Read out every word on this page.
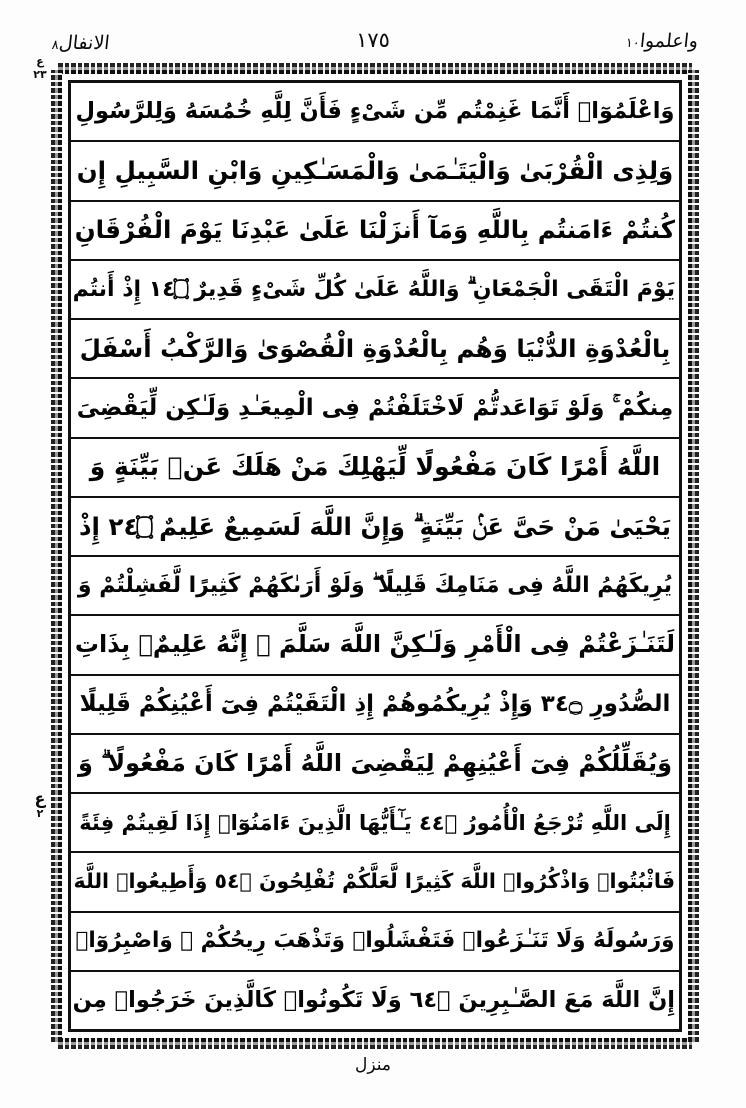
الانفال٨	١٧٥	واعلموا١٠
ع
٢٣
ع
٢
وَاعْلَمُوٓا۟ أَنَّمَا غَنِمْتُم مِّن شَىْءٍ فَأَنَّ لِلَّهِ خُمُسَهُ وَلِلرَّسُولِ
وَلِذِى الْقُرْبَىٰ وَالْيَتَـٰمَىٰ وَالْمَسَـٰكِينِ وَابْنِ السَّبِيلِ إِن
كُنتُمْ ءَامَنتُم بِاللَّهِ وَمَآ أَنزَلْنَا عَلَىٰ عَبْدِنَا يَوْمَ الْفُرْقَانِ
يَوْمَ الْتَقَى الْجَمْعَانِ ۗ وَاللَّهُ عَلَىٰ كُلِّ شَىْءٍ قَدِيرٌ ۝٤١ إِذْ أَنتُم
بِالْعُدْوَةِ الدُّنْيَا وَهُم بِالْعُدْوَةِ الْقُصْوَىٰ وَالرَّكْبُ أَسْفَلَ
مِنكُمْ ۚ وَلَوْ تَوَاعَدتُّمْ لَاخْتَلَفْتُمْ فِى الْمِيعَـٰدِ وَلَـٰكِن لِّيَقْضِىَ
اللَّهُ أَمْرًا كَانَ مَفْعُولًا لِّيَهْلِكَ مَنْ هَلَكَ عَنۢ بَيِّنَةٍ وَ
يَحْيَىٰ مَنْ حَىَّ عَنۢ بَيِّنَةٍ ۗ وَإِنَّ اللَّهَ لَسَمِيعٌ عَلِيمٌ ۝٤٢ إِذْ
يُرِيكَهُمُ اللَّهُ فِى مَنَامِكَ قَلِيلًا ۖ وَلَوْ أَرَىٰكَهُمْ كَثِيرًا لَّفَشِلْتُمْ وَ
لَتَنَـٰزَعْتُمْ فِى الْأَمْرِ وَلَـٰكِنَّ اللَّهَ سَلَّمَ ۗ إِنَّهُ عَلِيمٌۢ بِذَاتِ
الصُّدُورِ ۝٤٣ وَإِذْ يُرِيكُمُوهُمْ إِذِ الْتَقَيْتُمْ فِىٓ أَعْيُنِكُمْ قَلِيلًا
وَيُقَلِّلُكُمْ فِىٓ أَعْيُنِهِمْ لِيَقْضِىَ اللَّهُ أَمْرًا كَانَ مَفْعُولًا ۗ وَ
إِلَى اللَّهِ تُرْجَعُ الْأُمُورُ ۝٤٤ يَـٰٓأَيُّهَا الَّذِينَ ءَامَنُوٓا۟ إِذَا لَقِيتُمْ فِئَةً
فَاثْبُتُوا۟ وَاذْكُرُوا۟ اللَّهَ كَثِيرًا لَّعَلَّكُمْ تُفْلِحُونَ ۝٤٥ وَأَطِيعُوا۟ اللَّهَ
وَرَسُولَهُ وَلَا تَنَـٰزَعُوا۟ فَتَفْشَلُوا۟ وَتَذْهَبَ رِيحُكُمْ ۖ وَاصْبِرُوٓا۟
إِنَّ اللَّهَ مَعَ الصَّـٰبِرِينَ ۝٤٦ وَلَا تَكُونُوا۟ كَالَّذِينَ خَرَجُوا۟ مِن
منزل
